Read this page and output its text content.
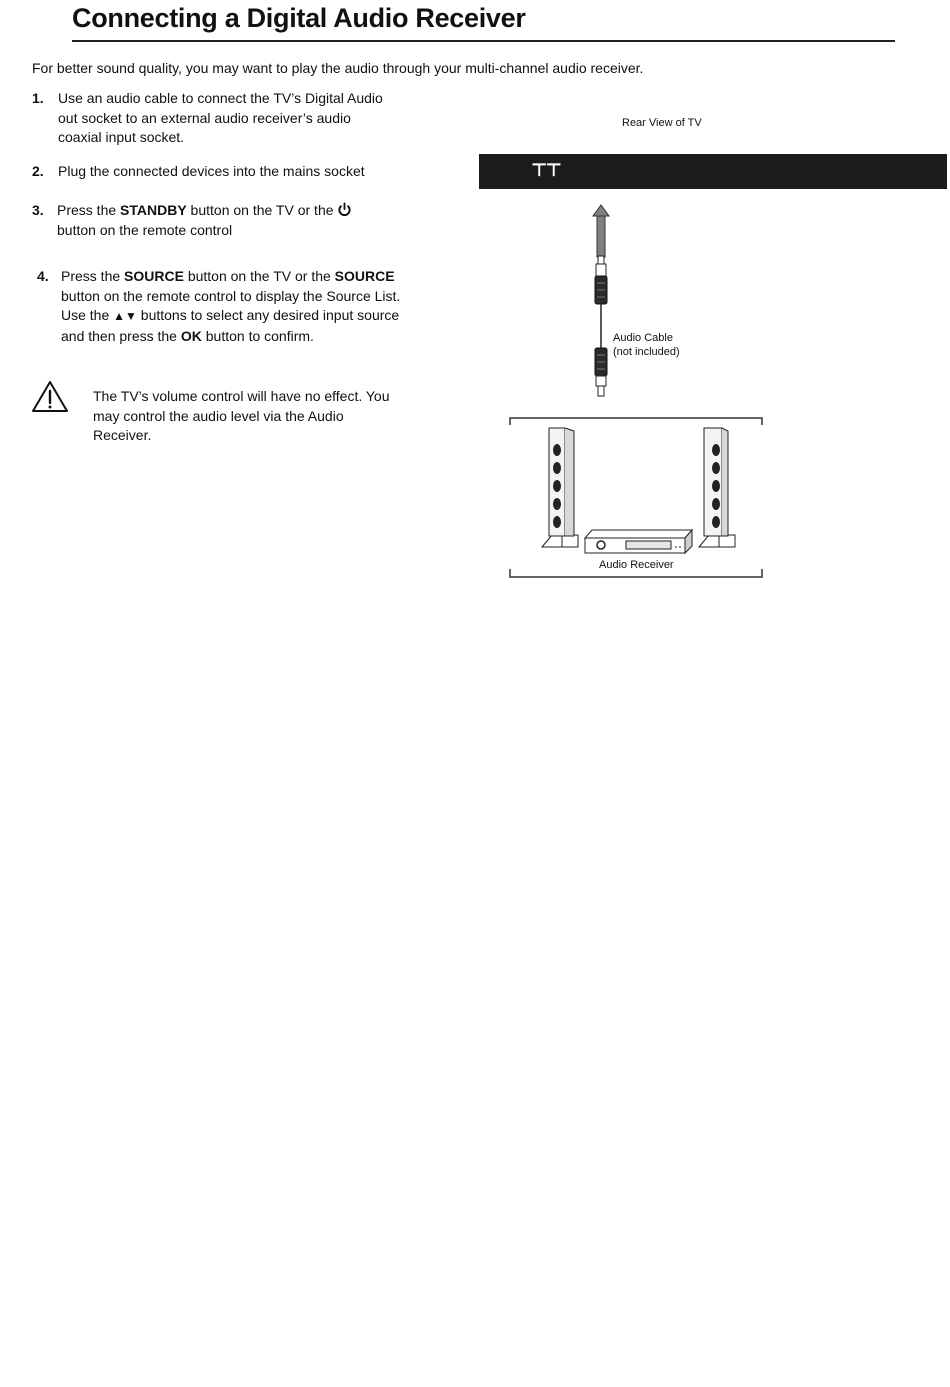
Connecting a Digital Audio Receiver

For better sound quality, you may want to play the audio through your multi-channel audio receiver.

1.	Use an audio cable to connect the TV’s Digital Audio out socket to an external audio receiver’s audio coaxial input socket.
2.	Plug the connected devices into the mains socket
3. Press the STANDBY button on the TV or the  button on the remote control
4. Press the SOURCE button on the TV or the SOURCE button on the remote control to display the Source List. Use the ▲▼ buttons to select any desired input source and then press the OK button to confirm.
The TV’s volume control will have no effect. You may control the audio level via the Audio Receiver.
Rear View of TV
⊤⊤
Audio Cable
(not included)
Audio Receiver
